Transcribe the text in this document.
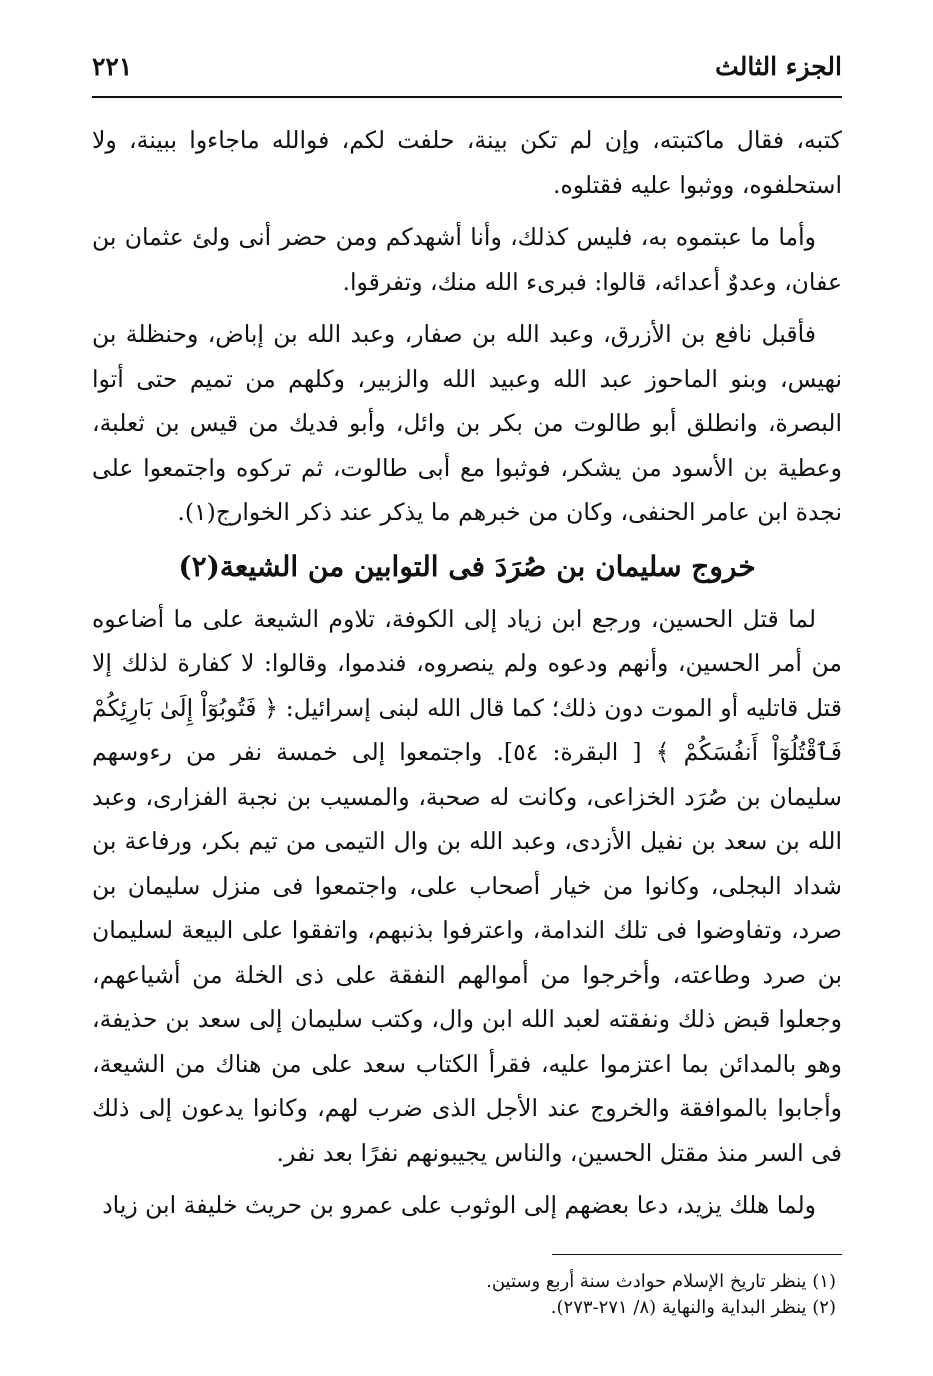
الجزء الثالث
٢٢١

كتبه، فقال ماكتبته، وإن لم تكن بينة، حلفت لكم، فوالله ماجاءوا ببينة، ولا استحلفوه، ووثبوا عليه فقتلوه.

وأما ما عبتموه به، فليس كذلك، وأنا أشهدكم ومن حضر أنى ولئ عثمان بن عفان، وعدوٌ أعدائه، قالوا: فبرىء الله منك، وتفرقوا.

فأقبل نافع بن الأزرق، وعبد الله بن صفار، وعبد الله بن إباض، وحنظلة بن نهيس، وبنو الماحوز عبد الله وعبيد الله والزبير، وكلهم من تميم حتى أتوا البصرة، وانطلق أبو طالوت من بكر بن وائل، وأبو فديك من قيس بن ثعلبة، وعطية بن الأسود من يشكر، فوثبوا مع أبى طالوت، ثم تركوه واجتمعوا على نجدة ابن عامر الحنفى، وكان من خبرهم ما يذكر عند ذكر الخوارج(١).

خروج سليمان بن صُرَدَ فى التوابين من الشيعة(٢)

لما قتل الحسين، ورجع ابن زياد إلى الكوفة، تلاوم الشيعة على ما أضاعوه من أمر الحسين، وأنهم ودعوه ولم ينصروه، فندموا، وقالوا: لا كفارة لذلك إلا قتل قاتليه أو الموت دون ذلك؛ كما قال الله لبنى إسرائيل: ﴿ فَتُوبُوٓاْ إِلَىٰ بَارِئِكُمْ فَٱقْتُلُوٓاْ أَنفُسَكُمْ ﴾ [ البقرة: ٥٤]. واجتمعوا إلى خمسة نفر من رءوسهم سليمان بن صُرَد الخزاعى، وكانت له صحبة، والمسيب بن نجبة الفزارى، وعبد الله بن سعد بن نفيل الأزدى، وعبد الله بن وال التيمى من تيم بكر، ورفاعة بن شداد البجلى، وكانوا من خيار أصحاب على، واجتمعوا فى منزل سليمان بن صرد، وتفاوضوا فى تلك الندامة، واعترفوا بذنبهم، واتفقوا على البيعة لسليمان بن صرد وطاعته، وأخرجوا من أموالهم النفقة على ذى الخلة من أشياعهم، وجعلوا قبض ذلك ونفقته لعبد الله ابن وال، وكتب سليمان إلى سعد بن حذيفة، وهو بالمدائن بما اعتزموا عليه، فقرأ الكتاب سعد على من هناك من الشيعة، وأجابوا بالموافقة والخروج عند الأجل الذى ضرب لهم، وكانوا يدعون إلى ذلك فى السر منذ مقتل الحسين، والناس يجيبونهم نفرًا بعد نفر.

ولما هلك يزيد، دعا بعضهم إلى الوثوب على عمرو بن حريث خليفة ابن زياد

(١) ينظر تاريخ الإسلام حوادث سنة أربع وستين.

(٢) ينظر البداية والنهاية (٨/ ٢٧١-٢٧٣).
